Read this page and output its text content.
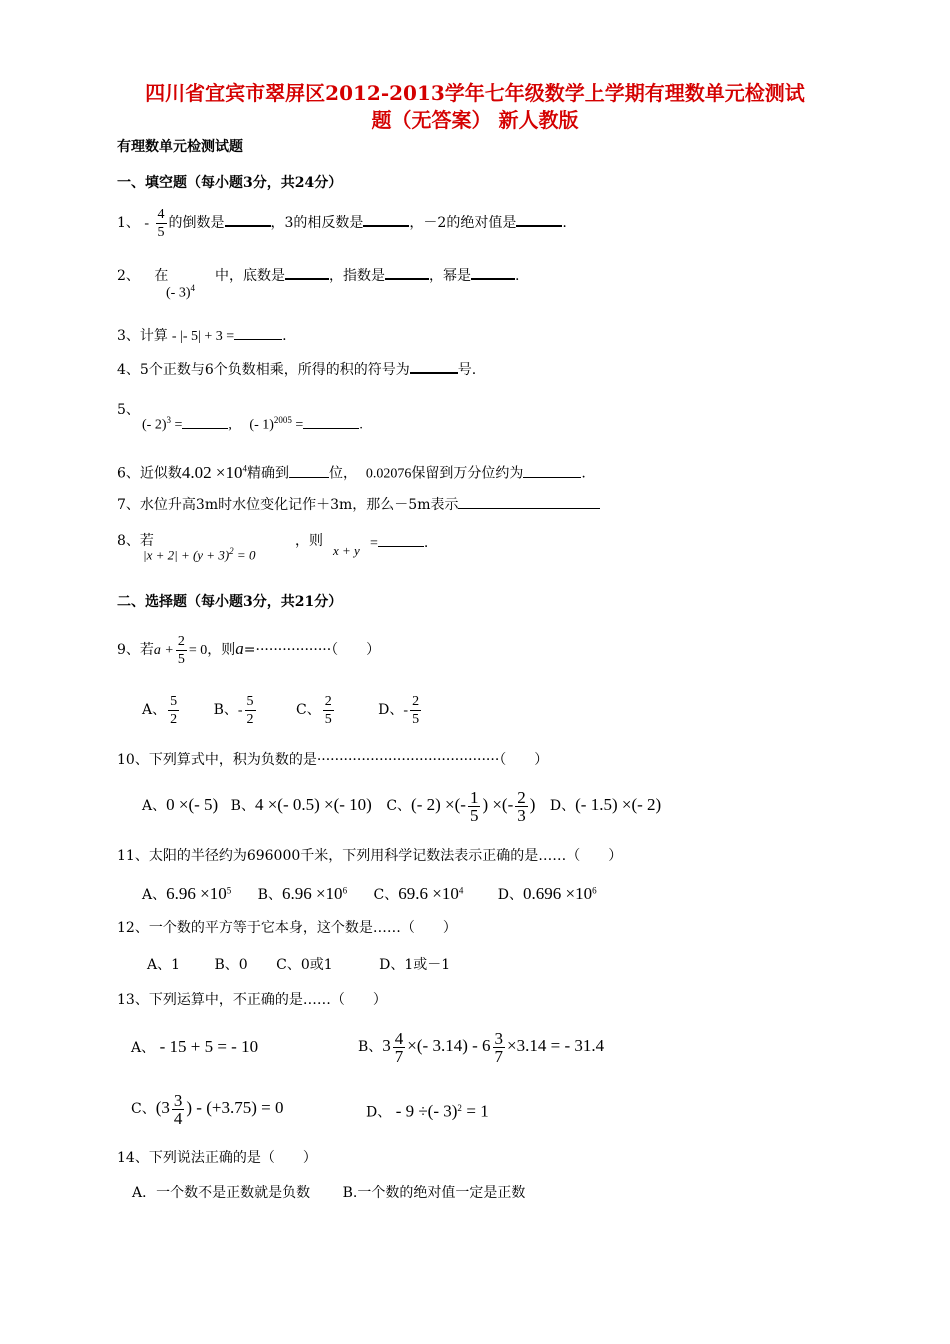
四川省宜宾市翠屏区2012-2013学年七年级数学上学期有理数单元检测试
题（无答案） 新人教版
有理数单元检测试题
一、填空题（每小题3分，共24分）
1、 - $\frac{4}{5}$ 的倒数是	，3的相反数是	，－2的绝对值是	.
2、 在
(- 3)$^4$
中，底数是	，指数是	，幂是	.
3、计算 - |- 5| + 3 =	.
4、5个正数与6个负数相乘，所得的积的符号为	号.
5、
(- 2)$^3$ =	,     (- 1)$^{2005}$ =	.
6、近似数$4.02 \times 10^4$精确到	位， 0.02076保留到万分位约为	.
7、水位升高3m时水位变化记作＋3m，那么－5m表示
8、若
$|x + 2| + (y + 3)^2 = 0$
，则
x + y =	.
二、选择题（每小题3分，共21分）
9、若$a + \frac{2}{5} = 0$，则a=·················（　　）
A、 $\frac{5}{2}$ B、- $\frac{5}{2}$	C、 $\frac{2}{5}$	D、- $\frac{2}{5}$
10、下列算式中，积为负数的是·········································（　　）
A、0 ×(- 5) B、4 ×(- 0.5) ×(- 10) C、(- 2) ×(- $\frac{1}{5}$ ) ×(- $\frac{2}{3}$ ) D、(- 1.5) ×(- 2)
11、太阳的半径约为696000千米，下列用科学记数法表示正确的是……（　　）
A、$6.96 \times 10^5$ B、$6.96 \times 10^6$ C、$69.6 \times 10^4$ D、$0.696 \times 10^6$
12、一个数的平方等于它本身，这个数是……（　　）
A、1 B、0 C、0或1	D、1或－1
13、下列运算中，不正确的是……（　　）
A、 - 15 + 5 = - 10	B、$3 \frac{4}{7}$ ×(- $3.14) - 6 \frac{3}{7} \times 3.14$ = - 31.4
C、($3 \frac{3}{4}$ ) - (+3.75) = 0	D、 - 9 ÷(- 3)$^2$ = 1
14、下列说法正确的是（　　）
A．一个数不是正数就是负数 B.一个数的绝对值一定是正数
